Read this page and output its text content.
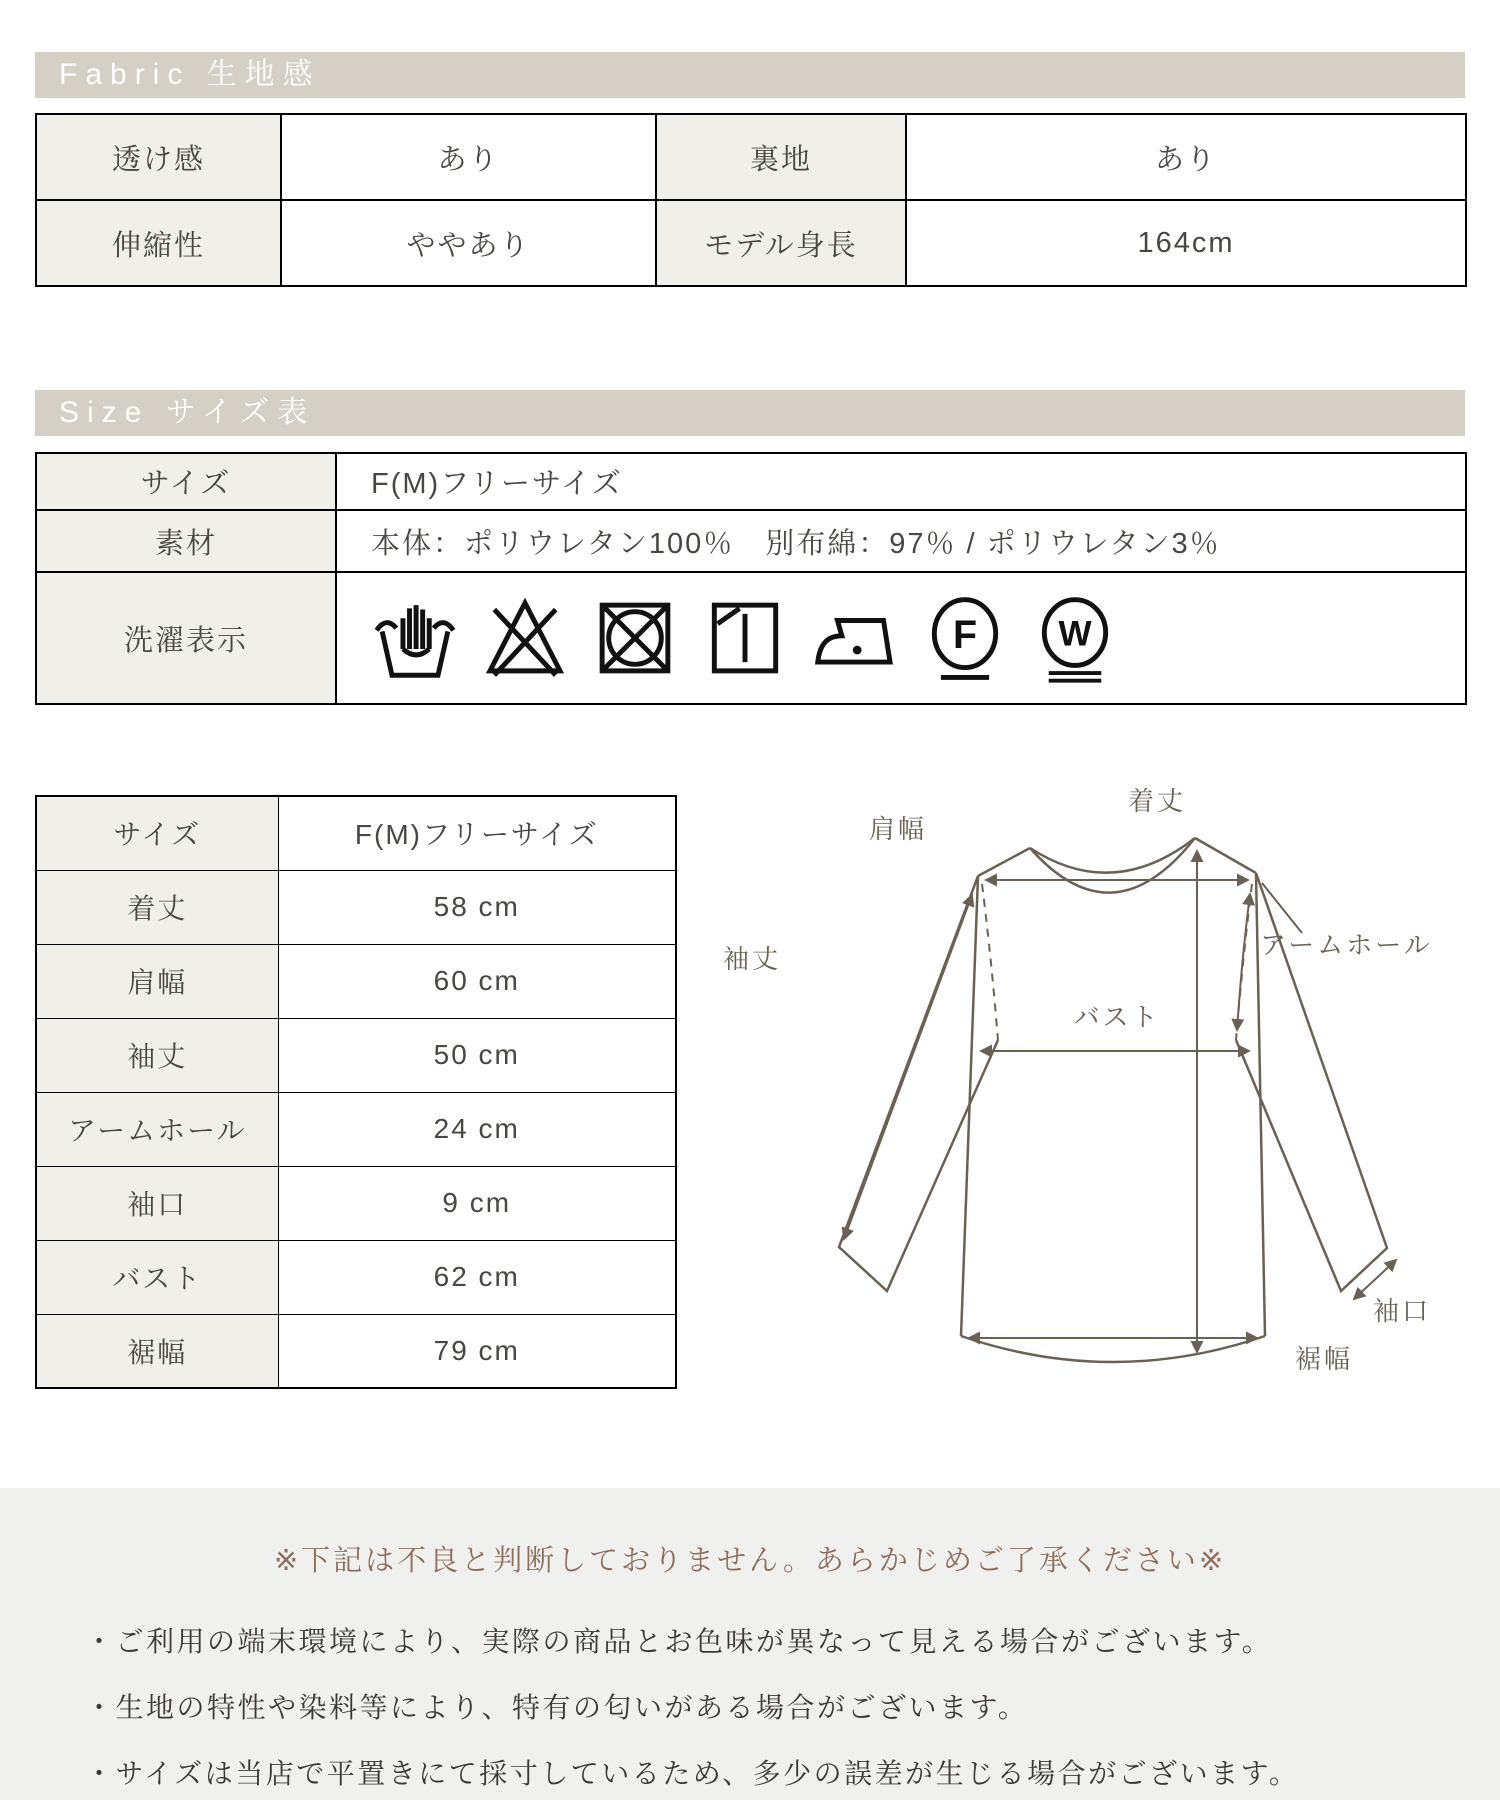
Fabric 生地感
透け感	あり	裏地	あり
伸縮性	ややあり	モデル身長	164cm
Size サイズ表
サイズ	F(M)フリーサイズ
素材	本体：ポリウレタン100％　別布綿：97％ / ポリウレタン3％
洗濯表示	F W
サイズ	F(M)フリーサイズ
着丈	58 cm
肩幅	60 cm
袖丈	50 cm
アームホール	24 cm
袖口	9 cm
バスト	62 cm
裾幅	79 cm
着丈
肩幅
袖丈	アームホール
バスト
袖口
裾幅
※下記は不良と判断しておりません。あらかじめご了承ください※
・ご利用の端末環境により、実際の商品とお色味が異なって見える場合がございます。
・生地の特性や染料等により、特有の匂いがある場合がございます。
・サイズは当店で平置きにて採寸しているため、多少の誤差が生じる場合がございます。
